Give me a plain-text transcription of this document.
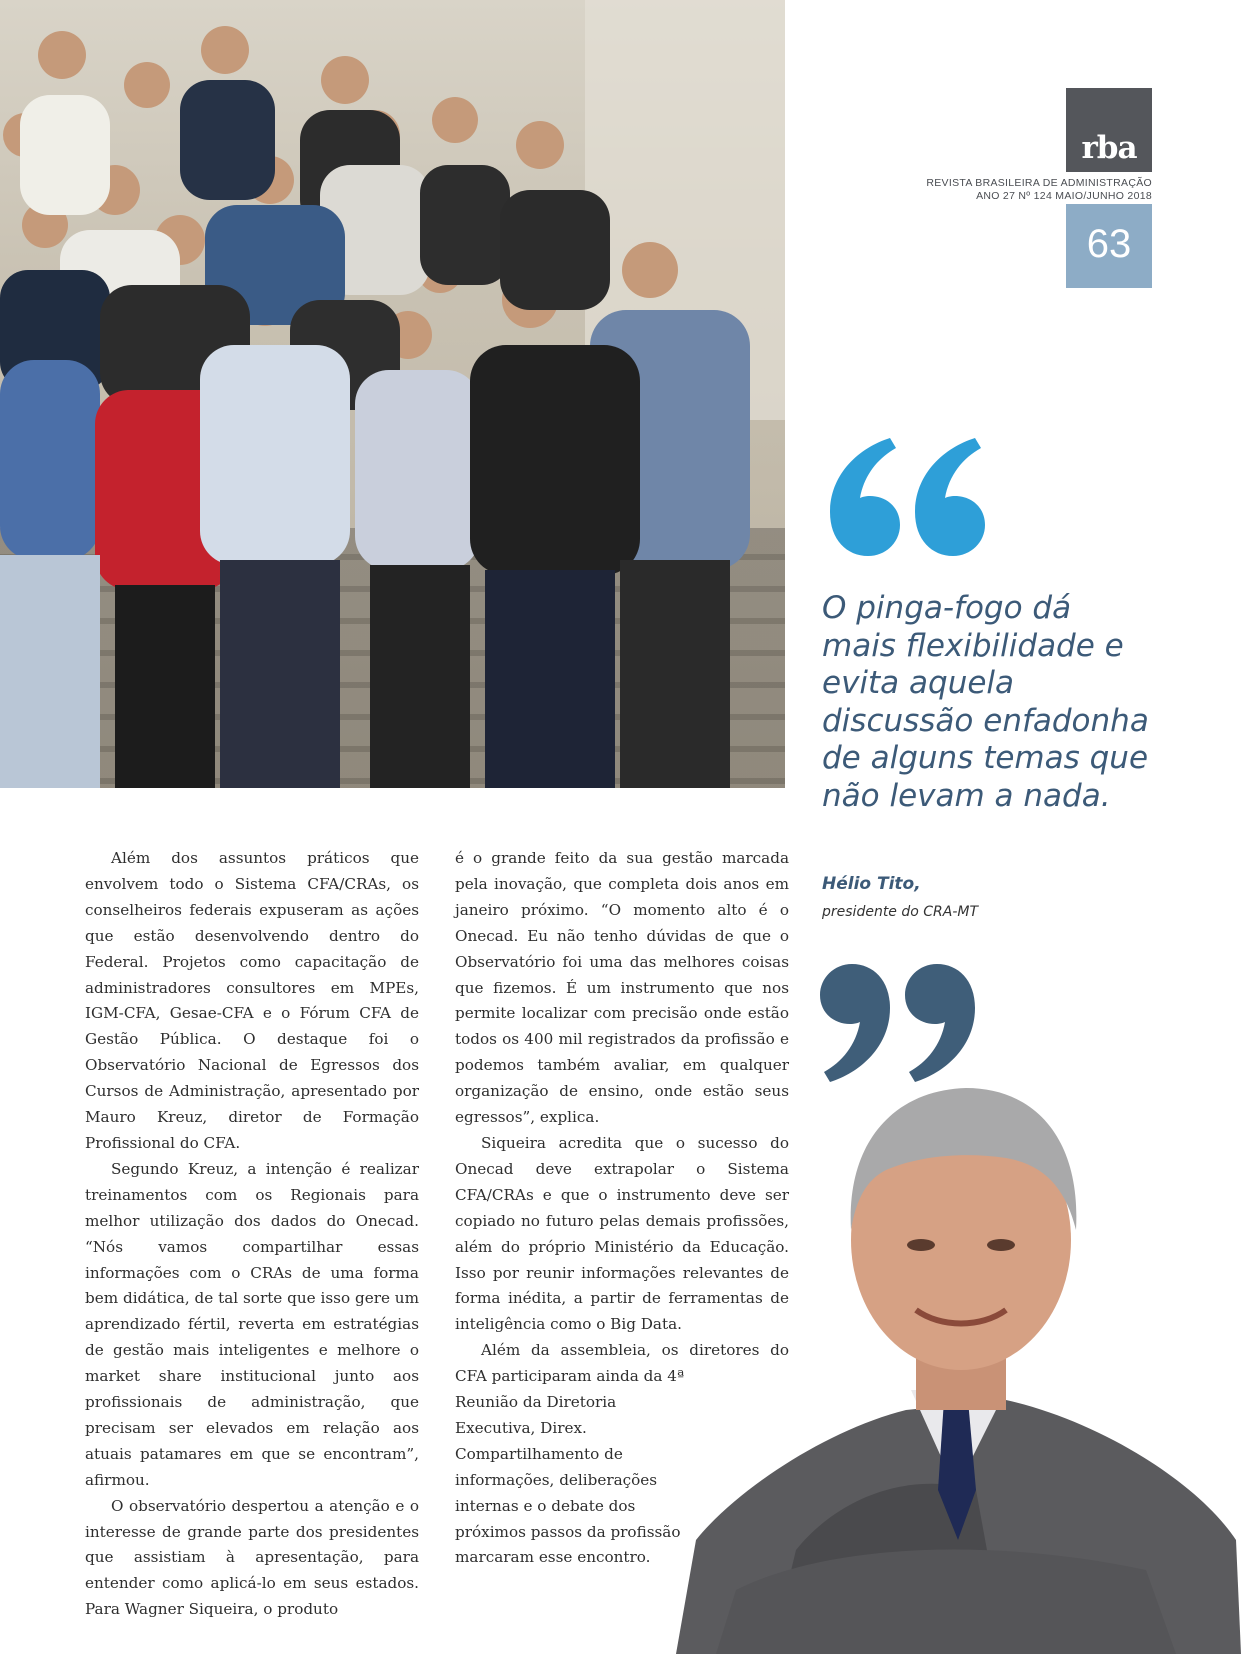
rba
REVISTA BRASILEIRA DE ADMINISTRAÇÃO
ANO 27 Nº 124 MAIO/JUNHO 2018
63
O pinga-fogo dá mais flexibilidade e evita aquela discussão enfadonha de alguns temas que não levam a nada.
Hélio Tito,
presidente do CRA-MT

Além dos assuntos práticos que envolvem todo o Sistema CFA/CRAs, os conselheiros federais expuseram as ações que estão desenvolvendo dentro do Federal. Projetos como capacitação de administradores consultores em MPEs, IGM-CFA, Gesae-CFA e o Fórum CFA de Gestão Pública. O destaque foi o Observatório Nacional de Egressos dos Cursos de Administração, apresentado por Mauro Kreuz, diretor de Formação Profissional do CFA.

Segundo Kreuz, a intenção é realizar treinamentos com os Regionais para melhor utilização dos dados do Onecad. “Nós vamos compartilhar essas informações com o CRAs de uma forma bem didática, de tal sorte que isso gere um aprendizado fértil, reverta em estratégias de gestão mais inteligentes e melhore o market share institucional junto aos profissionais de administração, que precisam ser elevados em relação aos atuais patamares em que se encontram”, afirmou.

O observatório despertou a atenção e o interesse de grande parte dos presidentes que assistiam à apresentação, para entender como aplicá-lo em seus estados. Para Wagner Siqueira, o produto

é o grande feito da sua gestão marcada pela inovação, que completa dois anos em janeiro próximo. “O momento alto é o Onecad. Eu não tenho dúvidas de que o Observatório foi uma das melhores coisas que fizemos. É um instrumento que nos permite localizar com precisão onde estão todos os 400 mil registrados da profissão e podemos também avaliar, em qualquer organização de ensino, onde estão seus egressos”, explica.

Siqueira acredita que o sucesso do Onecad deve extrapolar o Sistema CFA/CRAs e que o instrumento deve ser copiado no futuro pelas demais profissões, além do próprio Ministério da Educação. Isso por reunir informações relevantes de forma inédita, a partir de ferramentas de inteligência como o Big Data.

Além da assembleia, os diretores do CFA participaram ainda da 4ª

Reunião da Diretoria Executiva, Direx. Compartilhamento de informações, deliberações internas e o debate dos próximos passos da profissão marcaram esse encontro.
